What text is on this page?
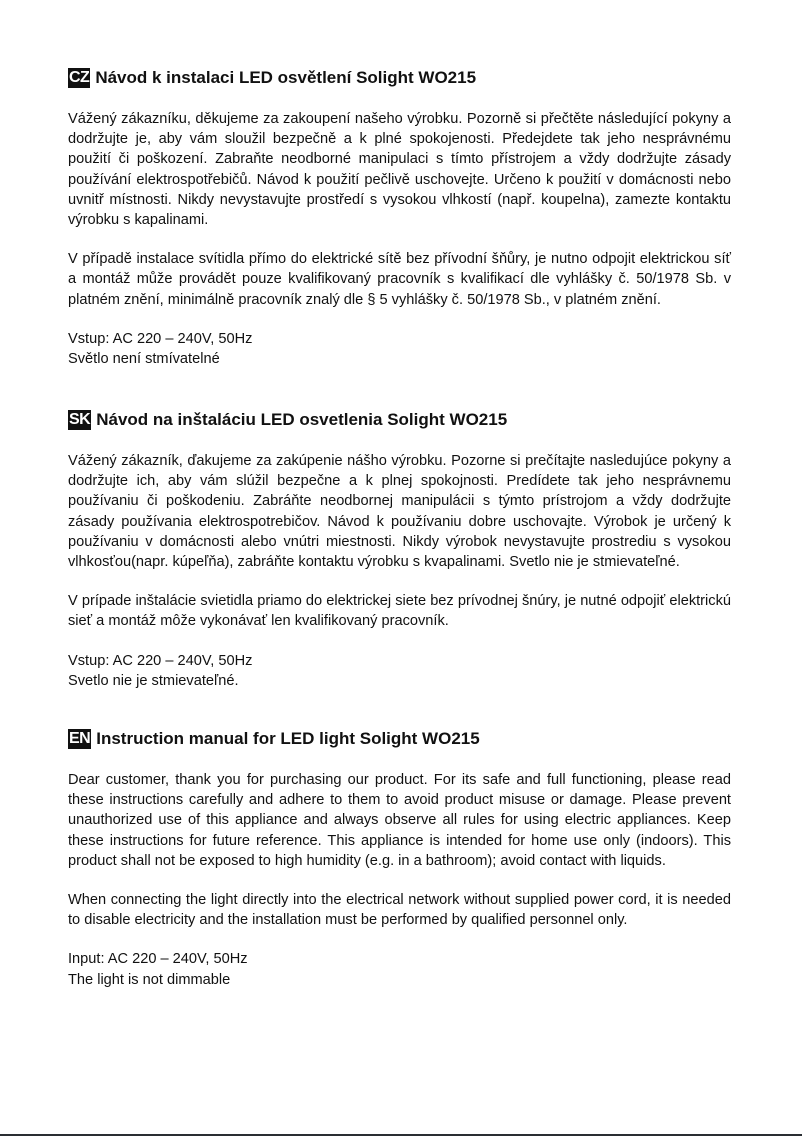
CZ Návod k instalaci LED osvětlení Solight WO215

Vážený zákazníku, děkujeme za zakoupení našeho výrobku. Pozorně si přečtěte následující pokyny a dodržujte je, aby vám sloužil bezpečně a k plné spokojenosti. Předejdete tak jeho nesprávnému použití či poškození. Zabraňte neodborné manipulaci s tímto přístrojem a vždy dodržujte zásady používání elektrospotřebičů. Návod k použití pečlivě uschovejte. Určeno k použití v domácnosti nebo uvnitř místnosti. Nikdy nevystavujte prostředí s vysokou vlhkostí (např. koupelna), zamezte kontaktu výrobku s kapalinami.

V případě instalace svítidla přímo do elektrické sítě bez přívodní šňůry, je nutno odpojit elektrickou síť a montáž může provádět pouze kvalifikovaný pracovník s kvalifikací dle vyhlášky č. 50/1978 Sb. v platném znění, minimálně pracovník znalý dle § 5 vyhlášky č. 50/1978 Sb., v platném znění.

Vstup: AC 220 – 240V, 50Hz

Světlo není stmívatelné

SK Návod na inštaláciu LED osvetlenia Solight WO215

Vážený zákazník, ďakujeme za zakúpenie nášho výrobku. Pozorne si prečítajte nasledujúce pokyny a dodržujte ich, aby vám slúžil bezpečne a k plnej spokojnosti. Predídete tak jeho nesprávnemu používaniu či poškodeniu. Zabráňte neodbornej manipulácii s týmto prístrojom a vždy dodržujte zásady používania elektrospotrebičov. Návod k používaniu dobre uschovajte. Výrobok je určený k používaniu v domácnosti alebo vnútri miestnosti. Nikdy výrobok nevystavujte prostrediu s vysokou vlhkosťou(napr. kúpeľňa), zabráňte kontaktu výrobku s kvapalinami. Svetlo nie je stmievateľné.

V prípade inštalácie svietidla priamo do elektrickej siete bez prívodnej šnúry, je nutné odpojiť elektrickú sieť a montáž môže vykonávať len kvalifikovaný pracovník.

Vstup: AC 220 – 240V, 50Hz

Svetlo nie je stmievateľné.

EN Instruction manual for LED light Solight WO215

Dear customer, thank you for purchasing our product. For its safe and full functioning, please read these instructions carefully and adhere to them to avoid product misuse or damage. Please prevent unauthorized use of this appliance and always observe all rules for using electric appliances. Keep these instructions for future reference. This appliance is intended for home use only (indoors). This product shall not be exposed to high humidity (e.g. in a bathroom); avoid contact with liquids.

When connecting the light directly into the electrical network without supplied power cord, it is needed to disable electricity and the installation must be performed by qualified personnel only.

Input: AC 220 – 240V, 50Hz

The light is not dimmable
